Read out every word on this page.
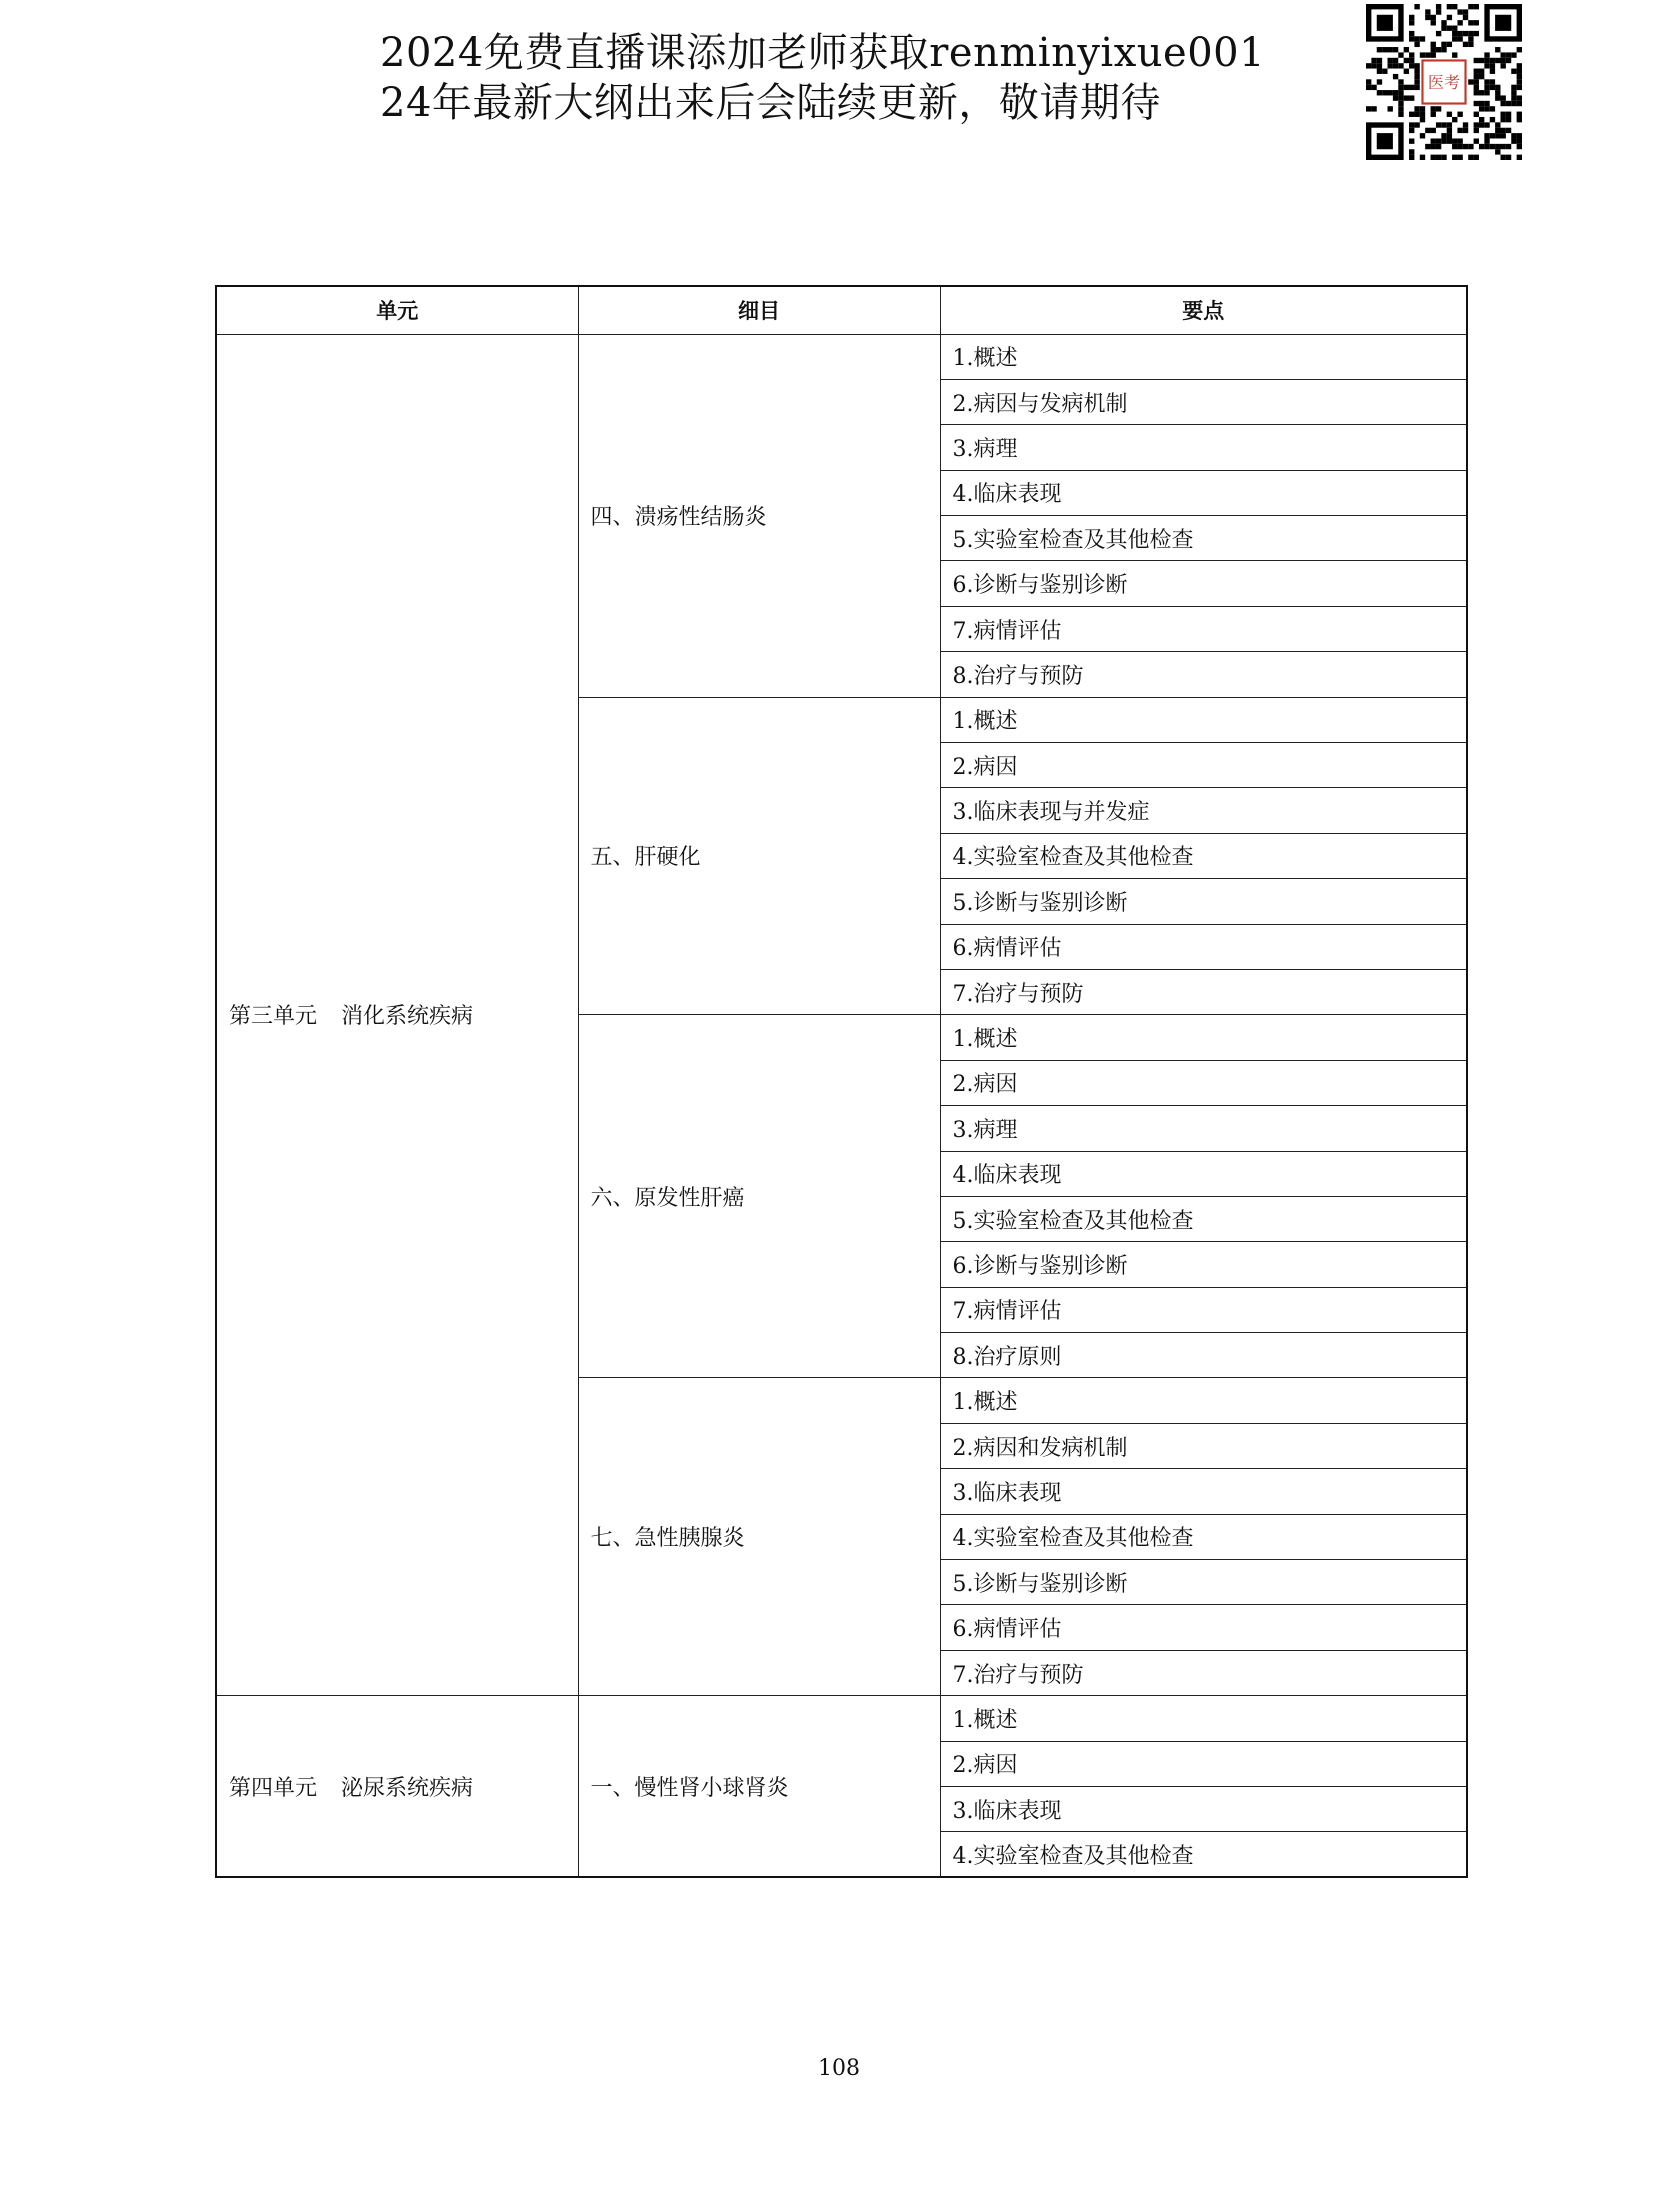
2024免费直播课添加老师获取renminyixue001
24年最新大纲出来后会陆续更新，敬请期待	医考
单元	细目	要点
第三单元 消化系统疾病	四、溃疡性结肠炎	1.概述
		2.病因与发病机制
		3.病理
		4.临床表现
		5.实验室检查及其他检查
		6.诊断与鉴别诊断
		7.病情评估
		8.治疗与预防
	五、肝硬化	1.概述
		2.病因
		3.临床表现与并发症
		4.实验室检查及其他检查
		5.诊断与鉴别诊断
		6.病情评估
		7.治疗与预防
	六、原发性肝癌	1.概述
		2.病因
		3.病理
		4.临床表现
		5.实验室检查及其他检查
		6.诊断与鉴别诊断
		7.病情评估
		8.治疗原则
	七、急性胰腺炎	1.概述
		2.病因和发病机制
		3.临床表现
		4.实验室检查及其他检查
		5.诊断与鉴别诊断
		6.病情评估
		7.治疗与预防
第四单元 泌尿系统疾病	一、慢性肾小球肾炎	1.概述
		2.病因
		3.临床表现
		4.实验室检查及其他检查
108
